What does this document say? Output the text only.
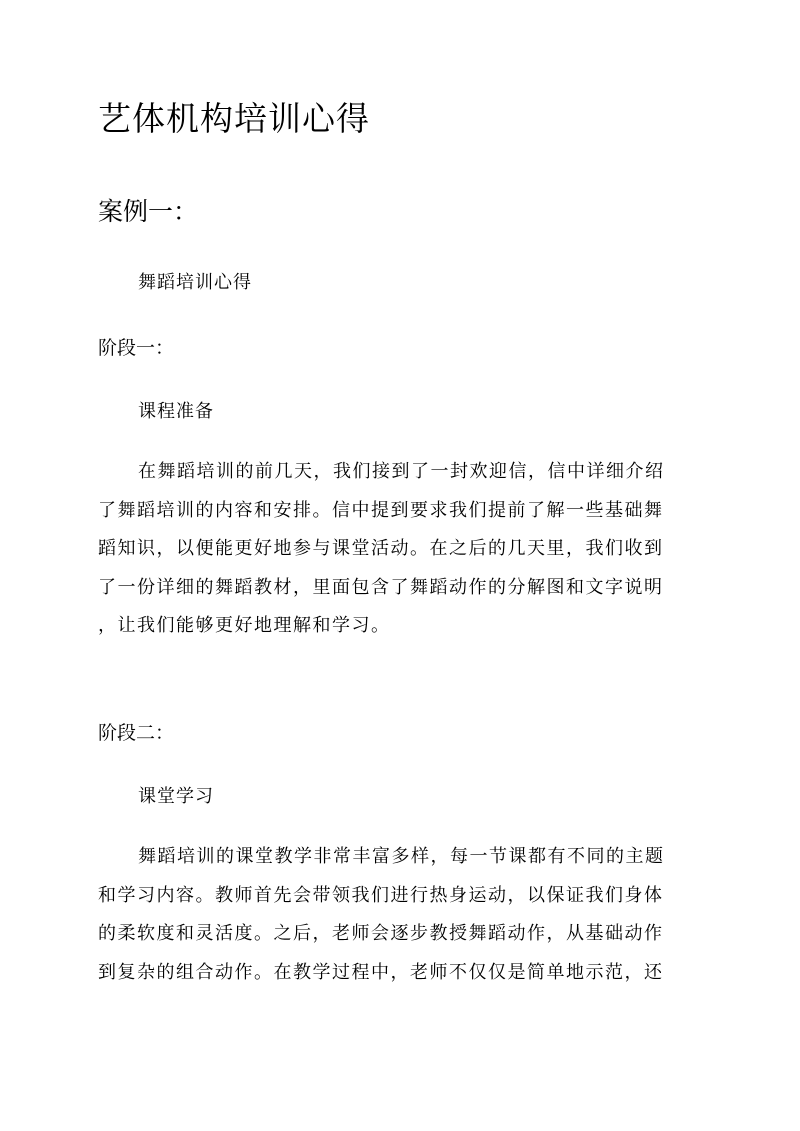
艺体机构培训心得
案例一：

舞蹈培训心得

阶段一：

课程准备

在舞蹈培训的前几天，我们接到了一封欢迎信，信中详细介绍
了舞蹈培训的内容和安排。信中提到要求我们提前了解一些基础舞
蹈知识，以便能更好地参与课堂活动。在之后的几天里，我们收到
了一份详细的舞蹈教材，里面包含了舞蹈动作的分解图和文字说明
，让我们能够更好地理解和学习。
阶段二：

课堂学习

舞蹈培训的课堂教学非常丰富多样，每一节课都有不同的主题
和学习内容。教师首先会带领我们进行热身运动，以保证我们身体
的柔软度和灵活度。之后，老师会逐步教授舞蹈动作，从基础动作
到复杂的组合动作。在教学过程中，老师不仅仅是简单地示范，还
